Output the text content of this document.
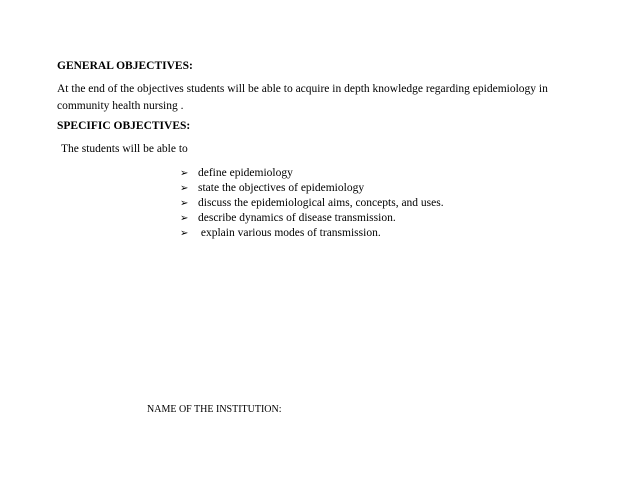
GENERAL OBJECTIVES:
At the end of the objectives students will be able to acquire in depth knowledge regarding epidemiology in
community health nursing .
SPECIFIC OBJECTIVES:
The students will be able to
➢ define epidemiology
➢ state the objectives of epidemiology
➢ discuss the epidemiological aims, concepts, and uses.
➢ describe dynamics of disease transmission.
➢ explain various modes of transmission.
NAME OF THE INSTITUTION:
